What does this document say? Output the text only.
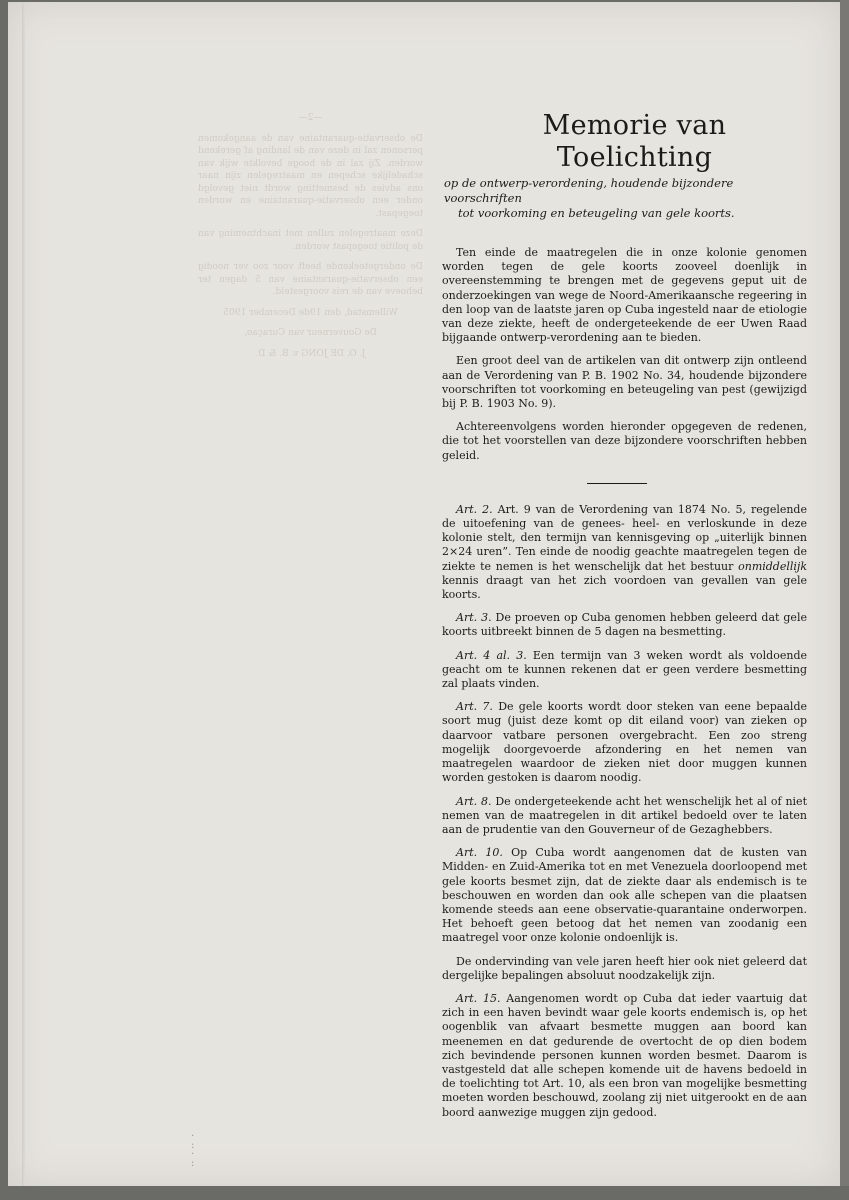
—2—

De observatie-quarantaine van de aangekomen personen zal in deze van de landing af gerekend worden. Zij zal in de hooge bevolkte wijk van schadelijke schepen en maatregelen zijn naar ons advies de besmetting wordt niet gevolgd onder een observatie-quarantaine en worden toegepast.

Deze maatregelen zullen met inachtneming van de politie toegepast worden.

De ondergeteekende heeft voor zoo ver noodig een observatie-quarantaine van 5 dagen ter behoeve van de reis voorgesteld.

Willemstad, den 19de December 1905

De Gouverneur van Curaçao,

J. O. DE JONG v. B. & D.

·
:
·
:
Memorie van Toelichting
op de ontwerp-verordening, houdende bijzondere voorschriften
tot voorkoming en beteugeling van gele koorts.

Ten einde de maatregelen die in onze kolonie genomen worden tegen de gele koorts zooveel doenlijk in overeenstemming te brengen met de gegevens geput uit de onderzoekingen van wege de Noord-Amerikaansche regeering in den loop van de laatste jaren op Cuba ingesteld naar de etiologie van deze ziekte, heeft de ondergeteekende de eer Uwen Raad bijgaande ontwerp-verordening aan te bieden.

Een groot deel van de artikelen van dit ontwerp zijn ontleend aan de Verordening van P. B. 1902 No. 34, houdende bijzondere voorschriften tot voorkoming en beteugeling van pest (gewijzigd bij P. B. 1903 No. 9).

Achtereenvolgens worden hieronder opgegeven de redenen, die tot het voorstellen van deze bijzondere voorschriften hebben geleid.

Art. 2. Art. 9 van de Verordening van 1874 No. 5, regelende de uitoefening van de genees- heel- en verloskunde in deze kolonie stelt, den termijn van kennisgeving op „uiterlijk binnen 2×24 uren”. Ten einde de noodig geachte maatregelen tegen de ziekte te nemen is het wenschelijk dat het bestuur onmiddellijk kennis draagt van het zich voordoen van gevallen van gele koorts.

Art. 3. De proeven op Cuba genomen hebben geleerd dat gele koorts uitbreekt binnen de 5 dagen na besmetting.

Art. 4 al. 3. Een termijn van 3 weken wordt als voldoende geacht om te kunnen rekenen dat er geen verdere besmetting zal plaats vinden.

Art. 7. De gele koorts wordt door steken van eene bepaalde soort mug (juist deze komt op dit eiland voor) van zieken op daarvoor vatbare personen overgebracht. Een zoo streng mogelijk doorgevoerde afzondering en het nemen van maatregelen waardoor de zieken niet door muggen kunnen worden gestoken is daarom noodig.

Art. 8. De ondergeteekende acht het wenschelijk het al of niet nemen van de maatregelen in dit artikel bedoeld over te laten aan de prudentie van den Gouverneur of de Gezaghebbers.

Art. 10. Op Cuba wordt aangenomen dat de kusten van Midden- en Zuid-Amerika tot en met Venezuela doorloopend met gele koorts besmet zijn, dat de ziekte daar als endemisch is te beschouwen en worden dan ook alle schepen van die plaatsen komende steeds aan eene observatie-quarantaine onderworpen. Het behoeft geen betoog dat het nemen van zoodanig een maatregel voor onze kolonie ondoenlijk is.

De ondervinding van vele jaren heeft hier ook niet geleerd dat dergelijke bepalingen absoluut noodzakelijk zijn.

Art. 15. Aangenomen wordt op Cuba dat ieder vaartuig dat zich in een haven bevindt waar gele koorts endemisch is, op het oogenblik van afvaart besmette muggen aan boord kan meenemen en dat gedurende de overtocht de op dien bodem zich bevindende personen kunnen worden besmet. Daarom is vastgesteld dat alle schepen komende uit de havens bedoeld in de toelichting tot Art. 10, als een bron van mogelijke besmetting moeten worden beschouwd, zoolang zij niet uitgerookt en de aan boord aanwezige muggen zijn gedood.
